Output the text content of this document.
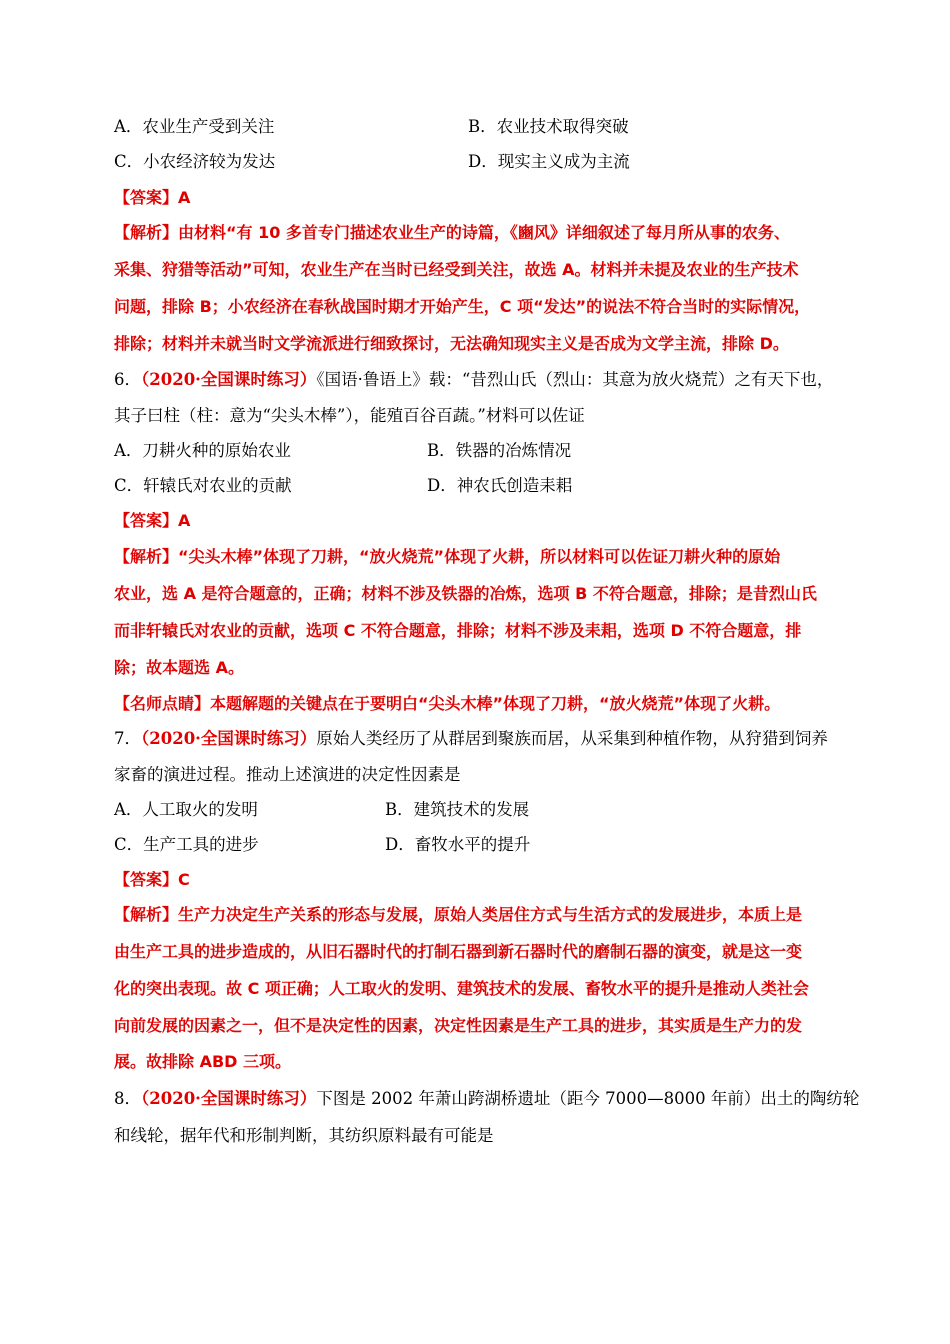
A．农业生产受到关注	B．农业技术取得突破
C．小农经济较为发达	D．现实主义成为主流
【答案】A
【解析】由材料“有 10 多首专门描述农业生产的诗篇，《豳风》详细叙述了每月所从事的农务、
采集、狩猎等活动”可知，农业生产在当时已经受到关注，故选 A。材料并未提及农业的生产技术
问题，排除 B；小农经济在春秋战国时期才开始产生，C 项“发达”的说法不符合当时的实际情况，
排除；材料并未就当时文学流派进行细致探讨，无法确知现实主义是否成为文学主流，排除 D。
6．（2020·全国课时练习）《国语·鲁语上》载：“昔烈山氏（烈山：其意为放火烧荒）之有天下也，
其子曰柱（柱：意为“尖头木棒”），能殖百谷百蔬。”材料可以佐证
A．刀耕火种的原始农业	B．铁器的冶炼情况
C．轩辕氏对农业的贡献	D．神农氏创造耒耜
【答案】A
【解析】“尖头木棒”体现了刀耕，“放火烧荒”体现了火耕，所以材料可以佐证刀耕火种的原始
农业，选 A 是符合题意的，正确；材料不涉及铁器的冶炼，选项 B 不符合题意，排除；是昔烈山氏
而非轩辕氏对农业的贡献，选项 C 不符合题意，排除；材料不涉及耒耜，选项 D 不符合题意，排
除；故本题选 A。
【名师点睛】本题解题的关键点在于要明白“尖头木棒”体现了刀耕，“放火烧荒”体现了火耕。
7．（2020·全国课时练习）原始人类经历了从群居到聚族而居，从采集到种植作物，从狩猎到饲养
家畜的演进过程。推动上述演进的决定性因素是
A．人工取火的发明	B．建筑技术的发展
C．生产工具的进步	D．畜牧水平的提升
【答案】C
【解析】生产力决定生产关系的形态与发展，原始人类居住方式与生活方式的发展进步，本质上是
由生产工具的进步造成的，从旧石器时代的打制石器到新石器时代的磨制石器的演变，就是这一变
化的突出表现。故 C 项正确；人工取火的发明、建筑技术的发展、畜牧水平的提升是推动人类社会
向前发展的因素之一，但不是决定性的因素，决定性因素是生产工具的进步，其实质是生产力的发
展。故排除 ABD 三项。
8．（2020·全国课时练习）下图是 2002 年萧山跨湖桥遗址（距今 7000—8000 年前）出土的陶纺轮
和线轮，据年代和形制判断，其纺织原料最有可能是
